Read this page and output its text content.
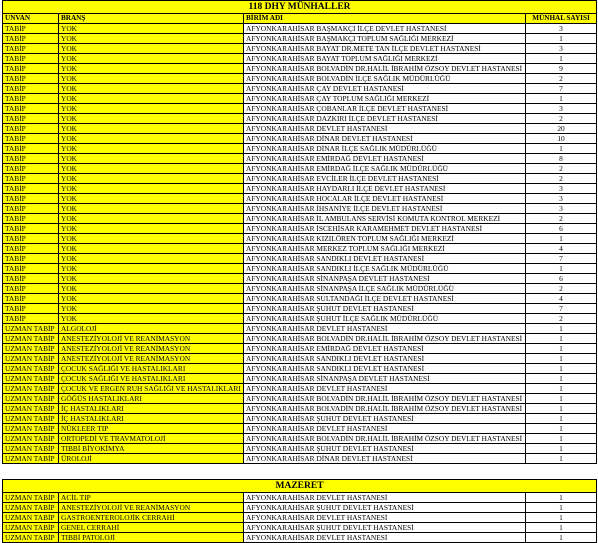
118 DHY MÜNHALLER			
UNVAN	BRANŞ	BİRİM ADI	MÜNHAL SAYISI
TABİP	YOK	AFYONKARAHİSAR BAŞMAKÇI İLÇE DEVLET HASTANESİ	3
TABİP	YOK	AFYONKARAHİSAR BAŞMAKÇI TOPLUM SAĞLIĞI MERKEZİ	1
TABİP	YOK	AFYONKARAHİSAR BAYAT DR.METE TAN İLÇE DEVLET HASTANESİ	3
TABİP	YOK	AFYONKARAHİSAR BAYAT TOPLUM SAĞLIĞI MERKEZİ	1
TABİP	YOK	AFYONKARAHİSAR BOLVADİN DR.HALİL İBRAHİM ÖZSOY DEVLET HASTANESİ	9
TABİP	YOK	AFYONKARAHİSAR BOLVADİN İLÇE SAĞLIK MÜDÜRLÜĞÜ	2
TABİP	YOK	AFYONKARAHİSAR ÇAY DEVLET HASTANESİ	7
TABİP	YOK	AFYONKARAHİSAR ÇAY TOPLUM SAĞLIĞI MERKEZİ	1
TABİP	YOK	AFYONKARAHİSAR ÇOBANLAR İLÇE DEVLET HASTANESİ	3
TABİP	YOK	AFYONKARAHİSAR DAZKIRI İLÇE DEVLET HASTANESİ	2
TABİP	YOK	AFYONKARAHİSAR DEVLET HASTANESİ	20
TABİP	YOK	AFYONKARAHİSAR DİNAR DEVLET HASTANESİ	10
TABİP	YOK	AFYONKARAHİSAR DİNAR İLÇE SAĞLIK MÜDÜRLÜĞÜ	1
TABİP	YOK	AFYONKARAHİSAR EMİRDAĞ DEVLET HASTANESİ	8
TABİP	YOK	AFYONKARAHİSAR EMİRDAĞ İLÇE SAĞLIK MÜDÜRLÜĞÜ	2
TABİP	YOK	AFYONKARAHİSAR EVCİLER İLÇE DEVLET HASTANESİ	2
TABİP	YOK	AFYONKARAHİSAR HAYDARLI İLÇE DEVLET HASTANESİ	3
TABİP	YOK	AFYONKARAHİSAR HOCALAR İLÇE DEVLET HASTANESİ	3
TABİP	YOK	AFYONKARAHİSAR İHSANİYE İLÇE DEVLET HASTANESİ	3
TABİP	YOK	AFYONKARAHİSAR İL AMBULANS SERVİSİ KOMUTA KONTROL MERKEZİ	2
TABİP	YOK	AFYONKARAHİSAR İSCEHİSAR KARAMEHMET DEVLET HASTANESİ	6
TABİP	YOK	AFYONKARAHİSAR KIZILÖREN TOPLUM SAĞLIĞI MERKEZİ	1
TABİP	YOK	AFYONKARAHİSAR MERKEZ TOPLUM SAĞLIĞI MERKEZİ	4
TABİP	YOK	AFYONKARAHİSAR SANDIKLI DEVLET HASTANESİ	7
TABİP	YOK	AFYONKARAHİSAR SANDIKLI İLÇE SAĞLIK MÜDÜRLÜĞÜ	1
TABİP	YOK	AFYONKARAHİSAR SİNANPAŞA DEVLET HASTANESİ	6
TABİP	YOK	AFYONKARAHİSAR SİNANPAŞA İLÇE SAĞLIK MÜDÜRLÜĞÜ	2
TABİP	YOK	AFYONKARAHİSAR SULTANDAĞI İLÇE DEVLET HASTANESİ	4
TABİP	YOK	AFYONKARAHİSAR ŞUHUT DEVLET HASTANESİ	7
TABİP	YOK	AFYONKARAHİSAR ŞUHUT İLÇE SAĞLIK MÜDÜRLÜĞÜ	2
UZMAN TABİP	ALGOLOJİ	AFYONKARAHİSAR DEVLET HASTANESİ	1
UZMAN TABİP	ANESTEZİYOLOJİ VE REANİMASYON	AFYONKARAHİSAR BOLVADİN DR.HALİL İBRAHİM ÖZSOY DEVLET HASTANESİ	1
UZMAN TABİP	ANESTEZİYOLOJİ VE REANİMASYON	AFYONKARAHİSAR EMİRDAĞ DEVLET HASTANESİ	1
UZMAN TABİP	ANESTEZİYOLOJİ VE REANİMASYON	AFYONKARAHİSAR SANDIKLI DEVLET HASTANESİ	1
UZMAN TABİP	ÇOCUK SAĞLIĞI VE HASTALIKLARI	AFYONKARAHİSAR SANDIKLI DEVLET HASTANESİ	1
UZMAN TABİP	ÇOCUK SAĞLIĞI VE HASTALIKLARI	AFYONKARAHİSAR SİNANPAŞA DEVLET HASTANESİ	1
UZMAN TABİP	ÇOCUK VE ERGEN RUH SAĞLIĞI VE HASTALIKLARI	AFYONKARAHİSAR DEVLET HASTANESİ	1
UZMAN TABİP	GÖĞÜS HASTALIKLARI	AFYONKARAHİSAR BOLVADİN DR.HALİL İBRAHİM ÖZSOY DEVLET HASTANESİ	1
UZMAN TABİP	İÇ HASTALIKLARI	AFYONKARAHİSAR BOLVADİN DR.HALİL İBRAHİM ÖZSOY DEVLET HASTANESİ	1
UZMAN TABİP	İÇ HASTALIKLARI	AFYONKARAHİSAR ŞUHUT DEVLET HASTANESİ	1
UZMAN TABİP	NÜKLEER TIP	AFYONKARAHİSAR DEVLET HASTANESİ	1
UZMAN TABİP	ORTOPEDİ VE TRAVMATOLOJİ	AFYONKARAHİSAR BOLVADİN DR.HALİL İBRAHİM ÖZSOY DEVLET HASTANESİ	1
UZMAN TABİP	TIBBİ BİYOKİMYA	AFYONKARAHİSAR ŞUHUT DEVLET HASTANESİ	1
UZMAN TABİP	ÜROLOJİ	AFYONKARAHİSAR DİNAR DEVLET HASTANESİ	1
MAZERET			
UZMAN TABİP	ACİL TIP	AFYONKARAHİSAR DEVLET HASTANESİ	1
UZMAN TABİP	ANESTEZİYOLOJİ VE REANİMASYON	AFYONKARAHİSAR ŞUHUT DEVLET HASTANESİ	1
UZMAN TABİP	GASTROENTEROLOJİK CERRAHİ	AFYONKARAHİSAR DEVLET HASTANESİ	1
UZMAN TABİP	GENEL CERRAHİ	AFYONKARAHİSAR ŞUHUT DEVLET HASTANESİ	1
UZMAN TABİP	TIBBİ PATOLOJİ	AFYONKARAHİSAR DEVLET HASTANESİ	1
